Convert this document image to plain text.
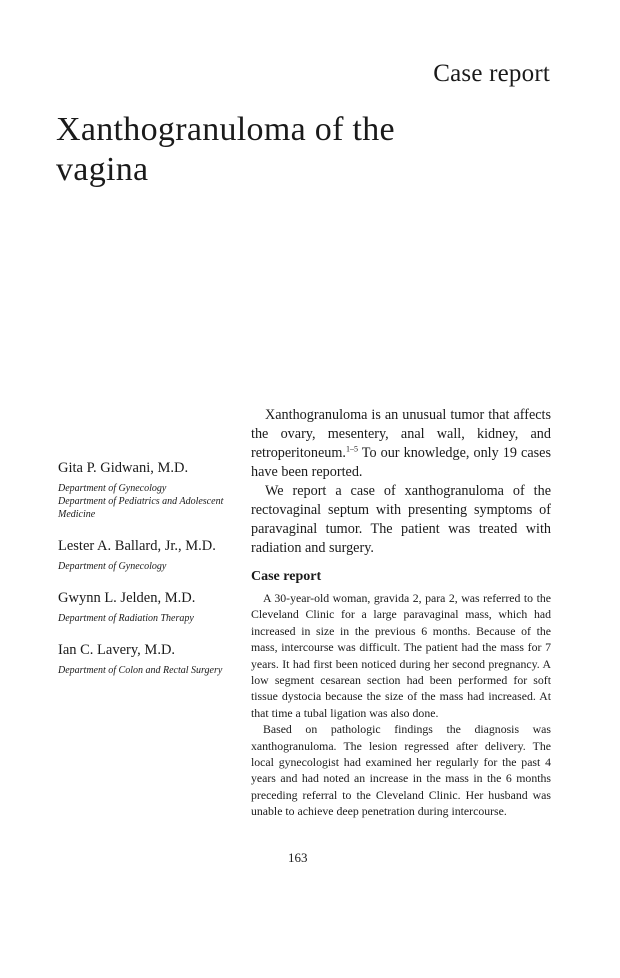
Case report
Xanthogranuloma of the vagina
Gita P. Gidwani, M.D.
Department of Gynecology
Department of Pediatrics and Adolescent Medicine
Lester A. Ballard, Jr., M.D.
Department of Gynecology
Gwynn L. Jelden, M.D.
Department of Radiation Therapy
Ian C. Lavery, M.D.
Department of Colon and Rectal Surgery

Xanthogranuloma is an unusual tumor that affects the ovary, mesentery, anal wall, kidney, and retroperitoneum.$^{1-5}$ To our knowledge, only 19 cases have been reported.

We report a case of xanthogranuloma of the rectovaginal septum with presenting symptoms of paravaginal tumor. The patient was treated with radiation and surgery.

Case report

A 30-year-old woman, gravida 2, para 2, was referred to the Cleveland Clinic for a large paravaginal mass, which had increased in size in the previous 6 months. Because of the mass, intercourse was difficult. The patient had the mass for 7 years. It had first been noticed during her second pregnancy. A low segment cesarean section had been performed for soft tissue dystocia because the size of the mass had increased. At that time a tubal ligation was also done.

Based on pathologic findings the diagnosis was xanthogranuloma. The lesion regressed after delivery. The local gynecologist had examined her regularly for the past 4 years and had noted an increase in the mass in the 6 months preceding referral to the Cleveland Clinic. Her husband was unable to achieve deep penetration during intercourse.

163
